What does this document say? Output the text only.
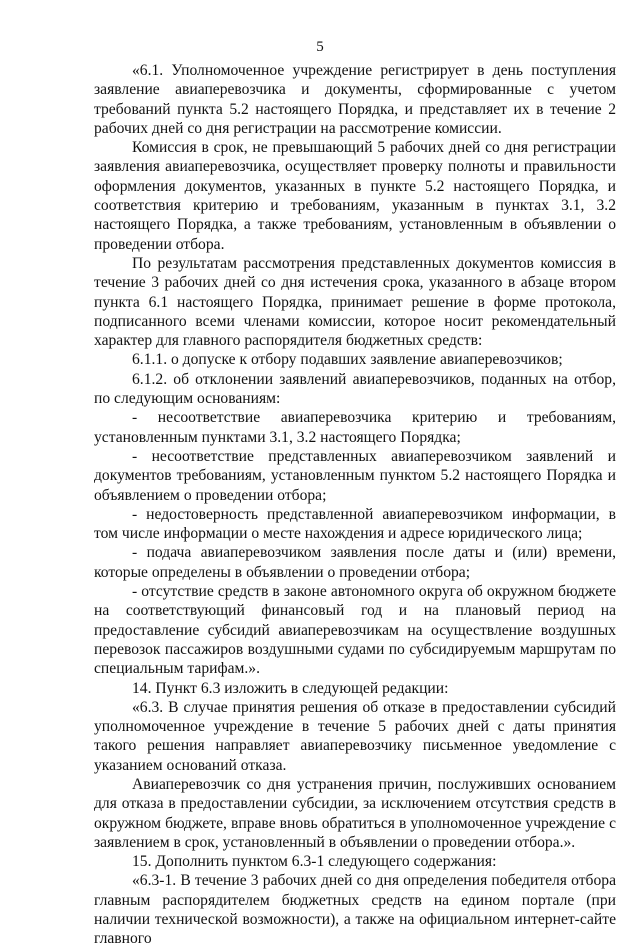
5

«6.1. Уполномоченное учреждение регистрирует в день поступления заявление авиаперевозчика и документы, сформированные с учетом требований пункта 5.2 настоящего Порядка, и представляет их в течение 2 рабочих дней со дня регистрации на рассмотрение комиссии.

Комиссия в срок, не превышающий 5 рабочих дней со дня регистрации заявления авиаперевозчика, осуществляет проверку полноты и правильности оформления документов, указанных в пункте 5.2 настоящего Порядка, и соответствия критерию и требованиям, указанным в пунктах 3.1, 3.2 настоящего Порядка, а также требованиям, установленным в объявлении о проведении отбора.

По результатам рассмотрения представленных документов комиссия в течение 3 рабочих дней со дня истечения срока, указанного в абзаце втором пункта 6.1 настоящего Порядка, принимает решение в форме протокола, подписанного всеми членами комиссии, которое носит рекомендательный характер для главного распорядителя бюджетных средств:

6.1.1. о допуске к отбору подавших заявление авиаперевозчиков;

6.1.2. об отклонении заявлений авиаперевозчиков, поданных на отбор, по следующим основаниям:

- несоответствие авиаперевозчика критерию и требованиям, установленным пунктами 3.1, 3.2 настоящего Порядка;

- несоответствие представленных авиаперевозчиком заявлений и документов требованиям, установленным пунктом 5.2 настоящего Порядка и объявлением о проведении отбора;

- недостоверность представленной авиаперевозчиком информации, в том числе информации о месте нахождения и адресе юридического лица;

- подача авиаперевозчиком заявления после даты и (или) времени, которые определены в объявлении о проведении отбора;

- отсутствие средств в законе автономного округа об окружном бюджете на соответствующий финансовый год и на плановый период на предоставление субсидий авиаперевозчикам на осуществление воздушных перевозок пассажиров воздушными судами по субсидируемым маршрутам по специальным тарифам.».

14. Пункт 6.3 изложить в следующей редакции:

«6.3. В случае принятия решения об отказе в предоставлении субсидий уполномоченное учреждение в течение 5 рабочих дней с даты принятия такого решения направляет авиаперевозчику письменное уведомление с указанием оснований отказа.

Авиаперевозчик со дня устранения причин, послуживших основанием для отказа в предоставлении субсидии, за исключением отсутствия средств в окружном бюджете, вправе вновь обратиться в уполномоченное учреждение с заявлением в срок, установленный в объявлении о проведении отбора.».

15. Дополнить пунктом 6.3-1 следующего содержания:

«6.3-1. В течение 3 рабочих дней со дня определения победителя отбора главным распорядителем бюджетных средств на едином портале (при наличии технической возможности), а также на официальном интернет-сайте главного
